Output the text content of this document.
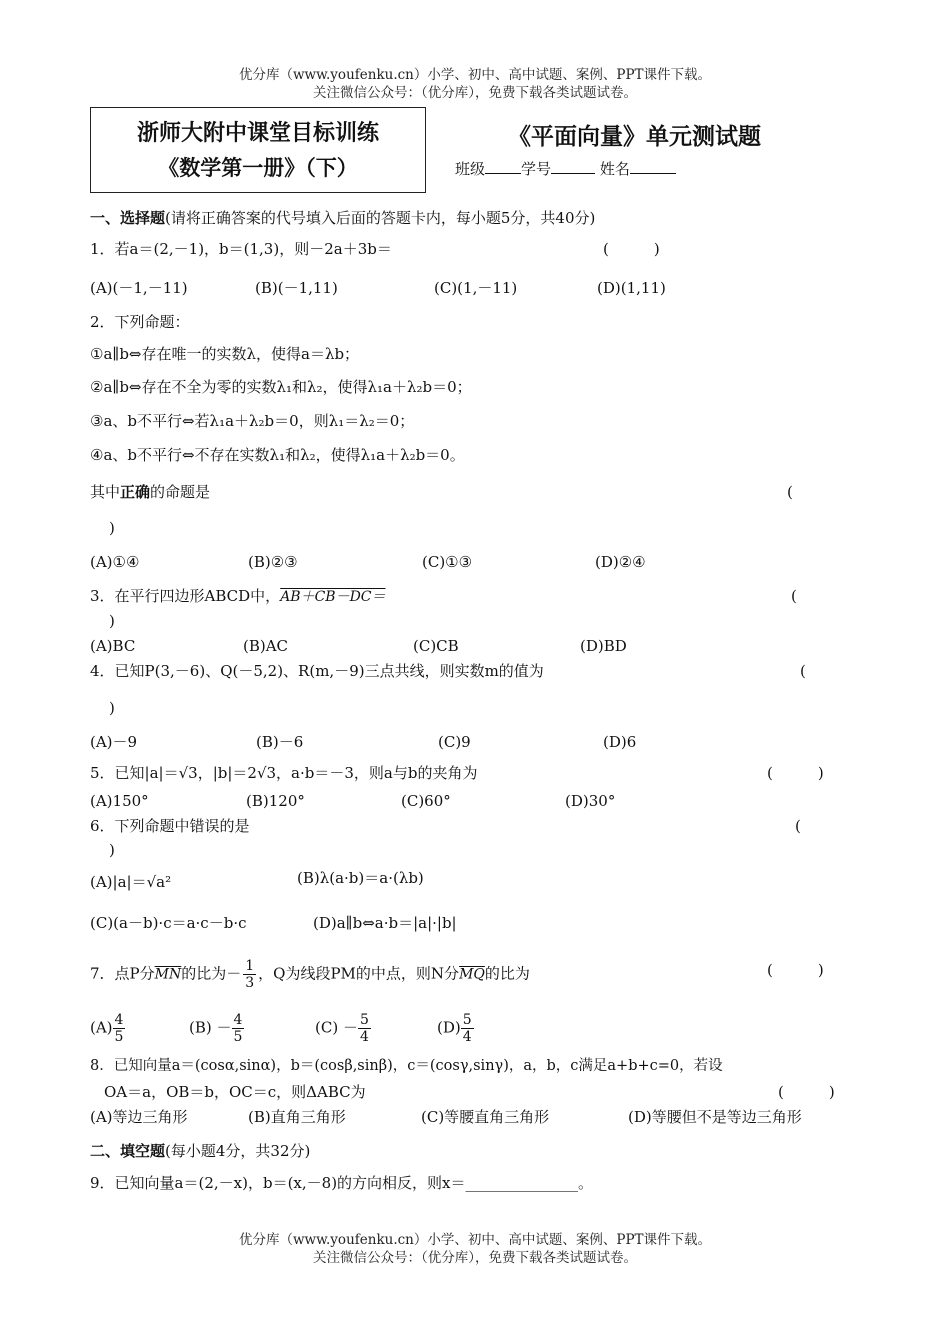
优分库（www.youfenku.cn）小学、初中、高中试题、案例、PPT课件下载。
关注微信公众号：（优分库），免费下载各类试题试卷。
浙师大附中课堂目标训练
《数学第一册》（下）
《平面向量》单元测试题
班级 学号	姓名
一、选择题(请将正确答案的代号填入后面的答题卡内，每小题5分，共40分)
1．若a＝(2,－1)，b＝(1,3)，则－2a＋3b＝	(　　　)
(A)(－1,－11)	(B)(－1,11)	(C)(1,－11)	(D)(1,11)
2．下列命题：
①a∥b⇔存在唯一的实数λ，使得a＝λb；
②a∥b⇔存在不全为零的实数λ₁和λ₂，使得λ₁a＋λ₂b＝0；
③a、b不平行⇔若λ₁a＋λ₂b＝0，则λ₁＝λ₂＝0；
④a、b不平行⇔不存在实数λ₁和λ₂，使得λ₁a＋λ₂b＝0。
其中正确的命题是	(
)
(A)①④	(B)②③	(C)①③	(D)②④
3．在平行四边形ABCD中，AB＋CB－DC＝	(
)
(A)BC	(B)AC	(C)CB	(D)BD
4．已知P(3,－6)、Q(－5,2)、R(m,－9)三点共线，则实数m的值为	(
)
(A)－9	(B)－6	(C)9	(D)6
5．已知|a|＝√3，|b|＝2√3，a·b＝－3，则a与b的夹角为	(　　　)
(A)150°	(B)120°	(C)60°	(D)30°
6．下列命题中错误的是	(
)
(A)|a|＝√a²	(B)λ(a·b)＝a·(λb)
(C)(a－b)·c＝a·c－b·c	(D)a∥b⇔a·b＝|a|·|b|
7．点P分$\overline{MN}$的比为－ $\frac{1}{3}$ ，Q为线段PM的中点，则N分$\overline{MQ}$的比为	(　　　)
$(A) \frac{4}{5}$	$(B) - \frac{4}{5}$	$(C) - \frac{5}{4}$	$(D) \frac{5}{4}$
8．已知向量a＝(cosα,sinα)，b＝(cosβ,sinβ)，c＝(cosγ,sinγ)，a，b，c满足a+b+c=0，若设
OA＝a，OB＝b，OC＝c，则ΔABC为	(　　　)
(A)等边三角形	(B)直角三角形	(C)等腰直角三角形	(D)等腰但不是等边三角形
二、填空题(每小题4分，共32分)
9．已知向量a＝(2,－x)，b＝(x,－8)的方向相反，则x＝_______________。
优分库（www.youfenku.cn）小学、初中、高中试题、案例、PPT课件下载。
关注微信公众号：（优分库），免费下载各类试题试卷。
